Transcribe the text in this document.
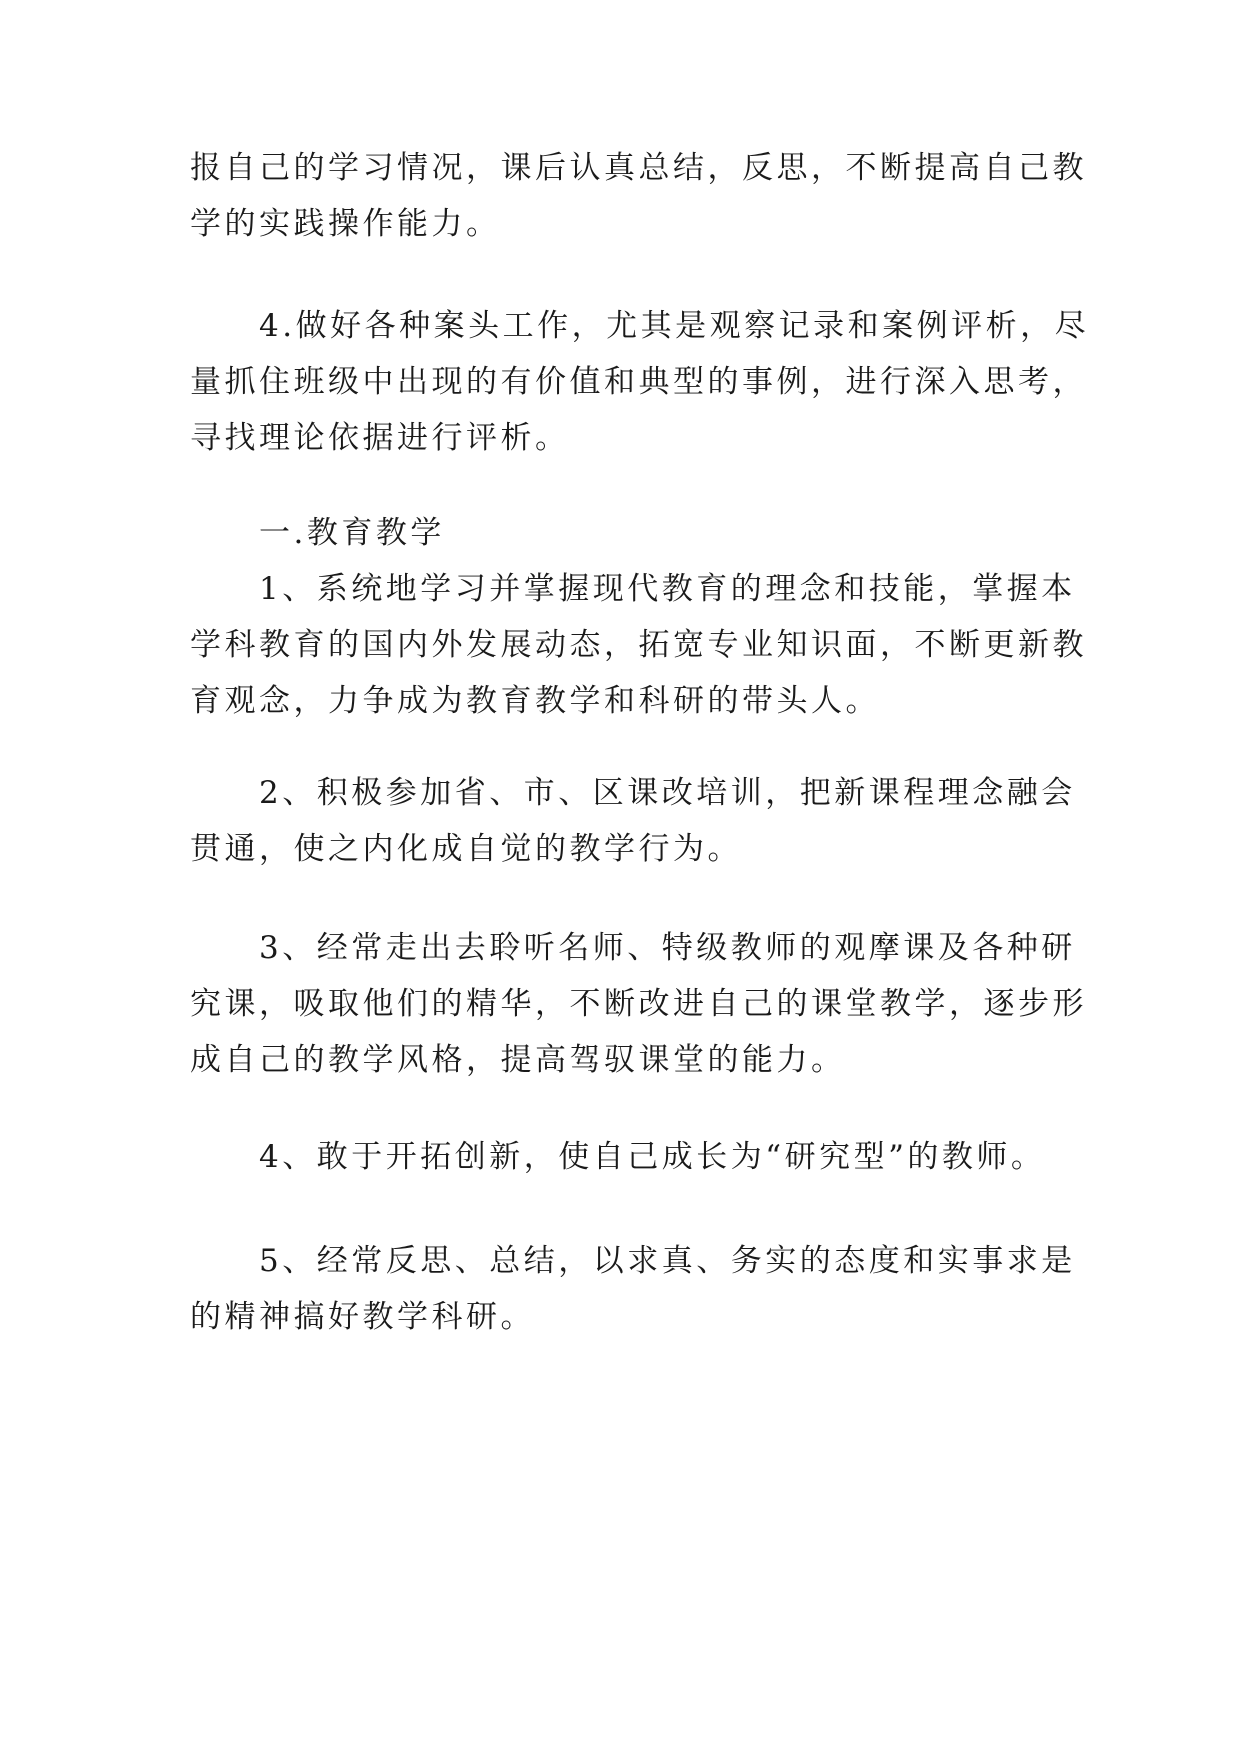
报自己的学习情况，课后认真总结，反思，不断提高自己教
学的实践操作能力。
　　4.做好各种案头工作，尤其是观察记录和案例评析，尽
量抓住班级中出现的有价值和典型的事例，进行深入思考，
寻找理论依据进行评析。
　　一.教育教学
　　1、系统地学习并掌握现代教育的理念和技能，掌握本
学科教育的国内外发展动态，拓宽专业知识面，不断更新教
育观念，力争成为教育教学和科研的带头人。
　　2、积极参加省、市、区课改培训，把新课程理念融会
贯通，使之内化成自觉的教学行为。
　　3、经常走出去聆听名师、特级教师的观摩课及各种研
究课，吸取他们的精华，不断改进自己的课堂教学，逐步形
成自己的教学风格，提高驾驭课堂的能力。
　　4、敢于开拓创新，使自己成长为“研究型”的教师。
　　5、经常反思、总结，以求真、务实的态度和实事求是
的精神搞好教学科研。
